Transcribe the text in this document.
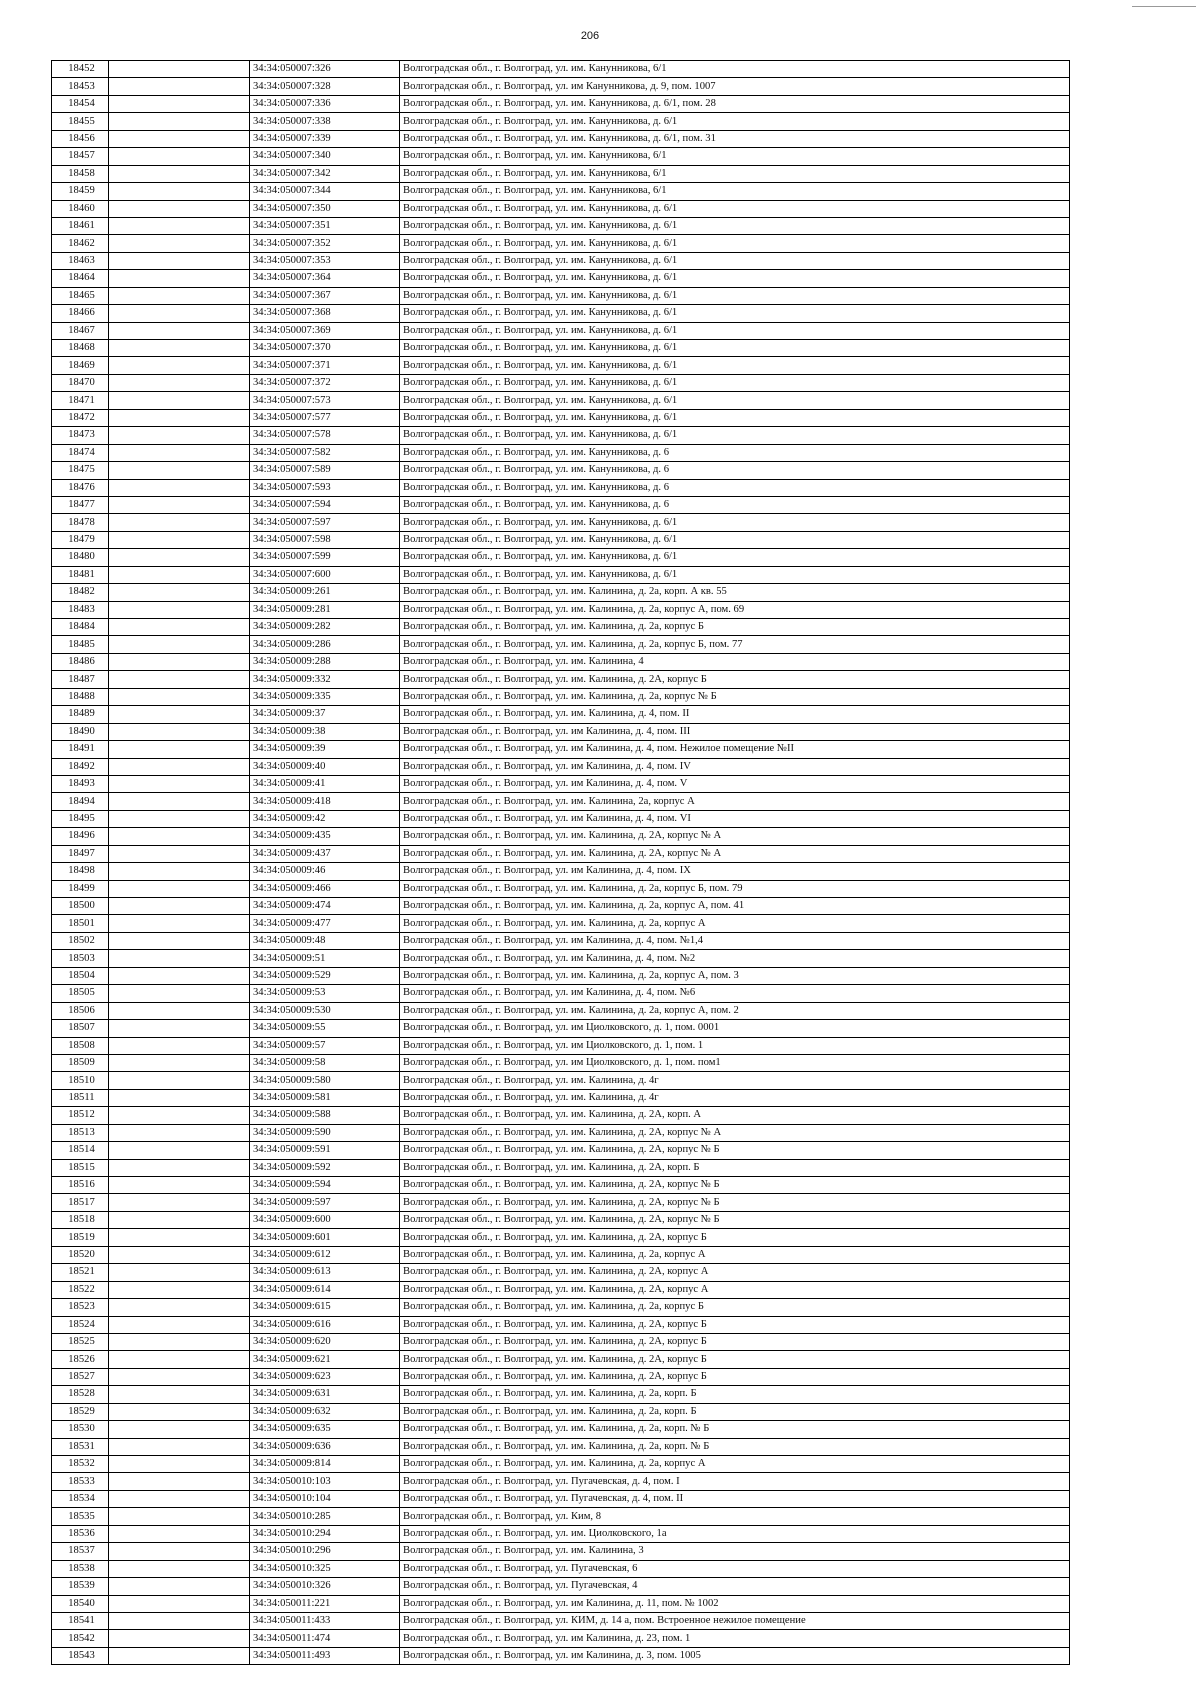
206
18452		34:34:050007:326	Волгоградская обл., г. Волгоград, ул. им. Канунникова, 6/1
18453		34:34:050007:328	Волгоградская обл., г. Волгоград, ул. им Канунникова, д. 9, пом. 1007
18454		34:34:050007:336	Волгоградская обл., г. Волгоград, ул. им. Канунникова, д. 6/1, пом. 28
18455		34:34:050007:338	Волгоградская обл., г. Волгоград, ул. им. Канунникова, д. 6/1
18456		34:34:050007:339	Волгоградская обл., г. Волгоград, ул. им. Канунникова, д. 6/1, пом. 31
18457		34:34:050007:340	Волгоградская обл., г. Волгоград, ул. им. Канунникова, 6/1
18458		34:34:050007:342	Волгоградская обл., г. Волгоград, ул. им. Канунникова, 6/1
18459		34:34:050007:344	Волгоградская обл., г. Волгоград, ул. им. Канунникова, 6/1
18460		34:34:050007:350	Волгоградская обл., г. Волгоград, ул. им. Канунникова, д. 6/1
18461		34:34:050007:351	Волгоградская обл., г. Волгоград, ул. им. Канунникова, д. 6/1
18462		34:34:050007:352	Волгоградская обл., г. Волгоград, ул. им. Канунникова, д. 6/1
18463		34:34:050007:353	Волгоградская обл., г. Волгоград, ул. им. Канунникова, д. 6/1
18464		34:34:050007:364	Волгоградская обл., г. Волгоград, ул. им. Канунникова, д. 6/1
18465		34:34:050007:367	Волгоградская обл., г. Волгоград, ул. им. Канунникова, д. 6/1
18466		34:34:050007:368	Волгоградская обл., г. Волгоград, ул. им. Канунникова, д. 6/1
18467		34:34:050007:369	Волгоградская обл., г. Волгоград, ул. им. Канунникова, д. 6/1
18468		34:34:050007:370	Волгоградская обл., г. Волгоград, ул. им. Канунникова, д. 6/1
18469		34:34:050007:371	Волгоградская обл., г. Волгоград, ул. им. Канунникова, д. 6/1
18470		34:34:050007:372	Волгоградская обл., г. Волгоград, ул. им. Канунникова, д. 6/1
18471		34:34:050007:573	Волгоградская обл., г. Волгоград, ул. им. Канунникова, д. 6/1
18472		34:34:050007:577	Волгоградская обл., г. Волгоград, ул. им. Канунникова, д. 6/1
18473		34:34:050007:578	Волгоградская обл., г. Волгоград, ул. им. Канунникова, д. 6/1
18474		34:34:050007:582	Волгоградская обл., г. Волгоград, ул. им. Канунникова, д. 6
18475		34:34:050007:589	Волгоградская обл., г. Волгоград, ул. им. Канунникова, д. 6
18476		34:34:050007:593	Волгоградская обл., г. Волгоград, ул. им. Канунникова, д. 6
18477		34:34:050007:594	Волгоградская обл., г. Волгоград, ул. им. Канунникова, д. 6
18478		34:34:050007:597	Волгоградская обл., г. Волгоград, ул. им. Канунникова, д. 6/1
18479		34:34:050007:598	Волгоградская обл., г. Волгоград, ул. им. Канунникова, д. 6/1
18480		34:34:050007:599	Волгоградская обл., г. Волгоград, ул. им. Канунникова, д. 6/1
18481		34:34:050007:600	Волгоградская обл., г. Волгоград, ул. им. Канунникова, д. 6/1
18482		34:34:050009:261	Волгоградская обл., г. Волгоград, ул. им. Калинина, д. 2а, корп. А кв. 55
18483		34:34:050009:281	Волгоградская обл., г. Волгоград, ул. им. Калинина, д. 2а, корпус А, пом. 69
18484		34:34:050009:282	Волгоградская обл., г. Волгоград, ул. им. Калинина, д. 2а, корпус Б
18485		34:34:050009:286	Волгоградская обл., г. Волгоград, ул. им. Калинина, д. 2а, корпус Б, пом. 77
18486		34:34:050009:288	Волгоградская обл., г. Волгоград, ул. им. Калинина, 4
18487		34:34:050009:332	Волгоградская обл., г. Волгоград, ул. им. Калинина, д. 2А, корпус Б
18488		34:34:050009:335	Волгоградская обл., г. Волгоград, ул. им. Калинина, д. 2а, корпус № Б
18489		34:34:050009:37	Волгоградская обл., г. Волгоград, ул. им. Калинина, д. 4, пом. II
18490		34:34:050009:38	Волгоградская обл., г. Волгоград, ул. им Калинина, д. 4, пом. III
18491		34:34:050009:39	Волгоградская обл., г. Волгоград, ул. им Калинина, д. 4, пом. Нежилое помещение №II
18492		34:34:050009:40	Волгоградская обл., г. Волгоград, ул. им Калинина, д. 4, пом. IV
18493		34:34:050009:41	Волгоградская обл., г. Волгоград, ул. им Калинина, д. 4, пом. V
18494		34:34:050009:418	Волгоградская обл., г. Волгоград, ул. им. Калинина, 2а, корпус А
18495		34:34:050009:42	Волгоградская обл., г. Волгоград, ул. им Калинина, д. 4, пом. VI
18496		34:34:050009:435	Волгоградская обл., г. Волгоград, ул. им. Калинина, д. 2А, корпус № А
18497		34:34:050009:437	Волгоградская обл., г. Волгоград, ул. им. Калинина, д. 2А, корпус № А
18498		34:34:050009:46	Волгоградская обл., г. Волгоград, ул. им Калинина, д. 4, пом. IX
18499		34:34:050009:466	Волгоградская обл., г. Волгоград, ул. им. Калинина, д. 2а, корпус Б, пом. 79
18500		34:34:050009:474	Волгоградская обл., г. Волгоград, ул. им. Калинина, д. 2а, корпус А, пом. 41
18501		34:34:050009:477	Волгоградская обл., г. Волгоград, ул. им. Калинина, д. 2а, корпус А
18502		34:34:050009:48	Волгоградская обл., г. Волгоград, ул. им Калинина, д. 4, пом. №1,4
18503		34:34:050009:51	Волгоградская обл., г. Волгоград, ул. им Калинина, д. 4, пом. №2
18504		34:34:050009:529	Волгоградская обл., г. Волгоград, ул. им. Калинина, д. 2а, корпус А, пом. 3
18505		34:34:050009:53	Волгоградская обл., г. Волгоград, ул. им Калинина, д. 4, пом. №6
18506		34:34:050009:530	Волгоградская обл., г. Волгоград, ул. им. Калинина, д. 2а, корпус А, пом. 2
18507		34:34:050009:55	Волгоградская обл., г. Волгоград, ул. им Циолковского, д. 1, пом. 0001
18508		34:34:050009:57	Волгоградская обл., г. Волгоград, ул. им Циолковского, д. 1, пом. 1
18509		34:34:050009:58	Волгоградская обл., г. Волгоград, ул. им Циолковского, д. 1, пом. пом1
18510		34:34:050009:580	Волгоградская обл., г. Волгоград, ул. им. Калинина, д. 4г
18511		34:34:050009:581	Волгоградская обл., г. Волгоград, ул. им. Калинина, д. 4г
18512		34:34:050009:588	Волгоградская обл., г. Волгоград, ул. им. Калинина, д. 2А, корп. А
18513		34:34:050009:590	Волгоградская обл., г. Волгоград, ул. им. Калинина, д. 2А, корпус № А
18514		34:34:050009:591	Волгоградская обл., г. Волгоград, ул. им. Калинина, д. 2А, корпус № Б
18515		34:34:050009:592	Волгоградская обл., г. Волгоград, ул. им. Калинина, д. 2А, корп. Б
18516		34:34:050009:594	Волгоградская обл., г. Волгоград, ул. им. Калинина, д. 2А, корпус № Б
18517		34:34:050009:597	Волгоградская обл., г. Волгоград, ул. им. Калинина, д. 2А, корпус № Б
18518		34:34:050009:600	Волгоградская обл., г. Волгоград, ул. им. Калинина, д. 2А, корпус № Б
18519		34:34:050009:601	Волгоградская обл., г. Волгоград, ул. им. Калинина, д. 2А, корпус Б
18520		34:34:050009:612	Волгоградская обл., г. Волгоград, ул. им. Калинина, д. 2а, корпус А
18521		34:34:050009:613	Волгоградская обл., г. Волгоград, ул. им. Калинина, д. 2А, корпус А
18522		34:34:050009:614	Волгоградская обл., г. Волгоград, ул. им. Калинина, д. 2А, корпус А
18523		34:34:050009:615	Волгоградская обл., г. Волгоград, ул. им. Калинина, д. 2а, корпус Б
18524		34:34:050009:616	Волгоградская обл., г. Волгоград, ул. им. Калинина, д. 2А, корпус Б
18525		34:34:050009:620	Волгоградская обл., г. Волгоград, ул. им. Калинина, д. 2А, корпус Б
18526		34:34:050009:621	Волгоградская обл., г. Волгоград, ул. им. Калинина, д. 2А, корпус Б
18527		34:34:050009:623	Волгоградская обл., г. Волгоград, ул. им. Калинина, д. 2А, корпус Б
18528		34:34:050009:631	Волгоградская обл., г. Волгоград, ул. им. Калинина, д. 2а, корп. Б
18529		34:34:050009:632	Волгоградская обл., г. Волгоград, ул. им. Калинина, д. 2а, корп. Б
18530		34:34:050009:635	Волгоградская обл., г. Волгоград, ул. им. Калинина, д. 2а, корп. № Б
18531		34:34:050009:636	Волгоградская обл., г. Волгоград, ул. им. Калинина, д. 2а, корп. № Б
18532		34:34:050009:814	Волгоградская обл., г. Волгоград, ул. им. Калинина, д. 2а, корпус А
18533		34:34:050010:103	Волгоградская обл., г. Волгоград, ул. Пугачевская, д. 4, пом. I
18534		34:34:050010:104	Волгоградская обл., г. Волгоград, ул. Пугачевская, д. 4, пом. II
18535		34:34:050010:285	Волгоградская обл., г. Волгоград, ул. Ким, 8
18536		34:34:050010:294	Волгоградская обл., г. Волгоград, ул. им. Циолковского, 1а
18537		34:34:050010:296	Волгоградская обл., г. Волгоград, ул. им. Калинина, 3
18538		34:34:050010:325	Волгоградская обл., г. Волгоград, ул. Пугачевская, 6
18539		34:34:050010:326	Волгоградская обл., г. Волгоград, ул. Пугачевская, 4
18540		34:34:050011:221	Волгоградская обл., г. Волгоград, ул. им Калинина, д. 11, пом. № 1002
18541		34:34:050011:433	Волгоградская обл., г. Волгоград, ул. КИМ, д. 14 а, пом. Встроенное нежилое помещение
18542		34:34:050011:474	Волгоградская обл., г. Волгоград, ул. им Калинина, д. 23, пом. 1
18543		34:34:050011:493	Волгоградская обл., г. Волгоград, ул. им Калинина, д. 3, пом. 1005
